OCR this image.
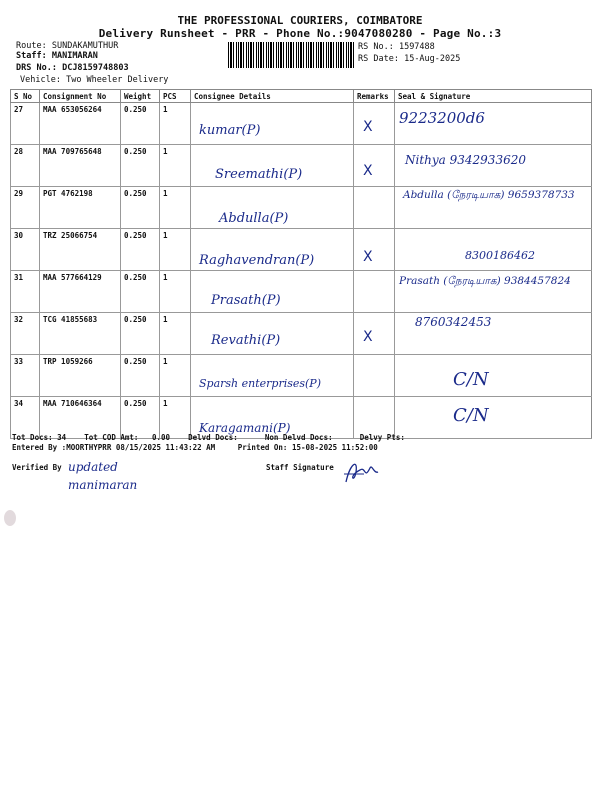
THE PROFESSIONAL COURIERS, COIMBATORE
Delivery Runsheet - PRR - Phone No.:9047080280 - Page No.:3
Route: SUNDAKAMUTHUR
Staff: MANIMARAN
DRS No.: DCJ8159748803
Vehicle: Two Wheeler Delivery
RS No.: 1597488
RS Date: 15-Aug-2025
S No	Consignment No	Weight	PCS	Consignee Details	Remarks	Seal & Signature
27	MAA 653056264	0.250	1	kumar(P)	X	9223200d6

28	MAA 709765648	0.250	1	Sreemathi(P)	X	Nithya 9342933620

29	PGT 4762198	0.250	1	Abdulla(P)		Abdulla (நேரடியாக) 9659378733

30	TRZ 25066754	0.250	1	Raghavendran(P)	X	8300186462

31	MAA 577664129	0.250	1	Prasath(P)		Prasath (நேரடியாக) 9384457824

32	TCG 41855683	0.250	1	Revathi(P)	X	8760342453

33	TRP 1059266	0.250	1	Sparsh enterprises(P)		C/N

34	MAA 710646364	0.250	1	Karagamani(P)		C/N
Tot Docs: 34 Tot COD Amt: 0.00 Delvd Docs:	Non Delvd Docs:	Delvy Pts:
Entered By :MOORTHYPRR 08/15/2025 11:43:22 AM	Printed On: 15-08-2025 11:52:00
Verified By updated manimaran
Staff Signature
